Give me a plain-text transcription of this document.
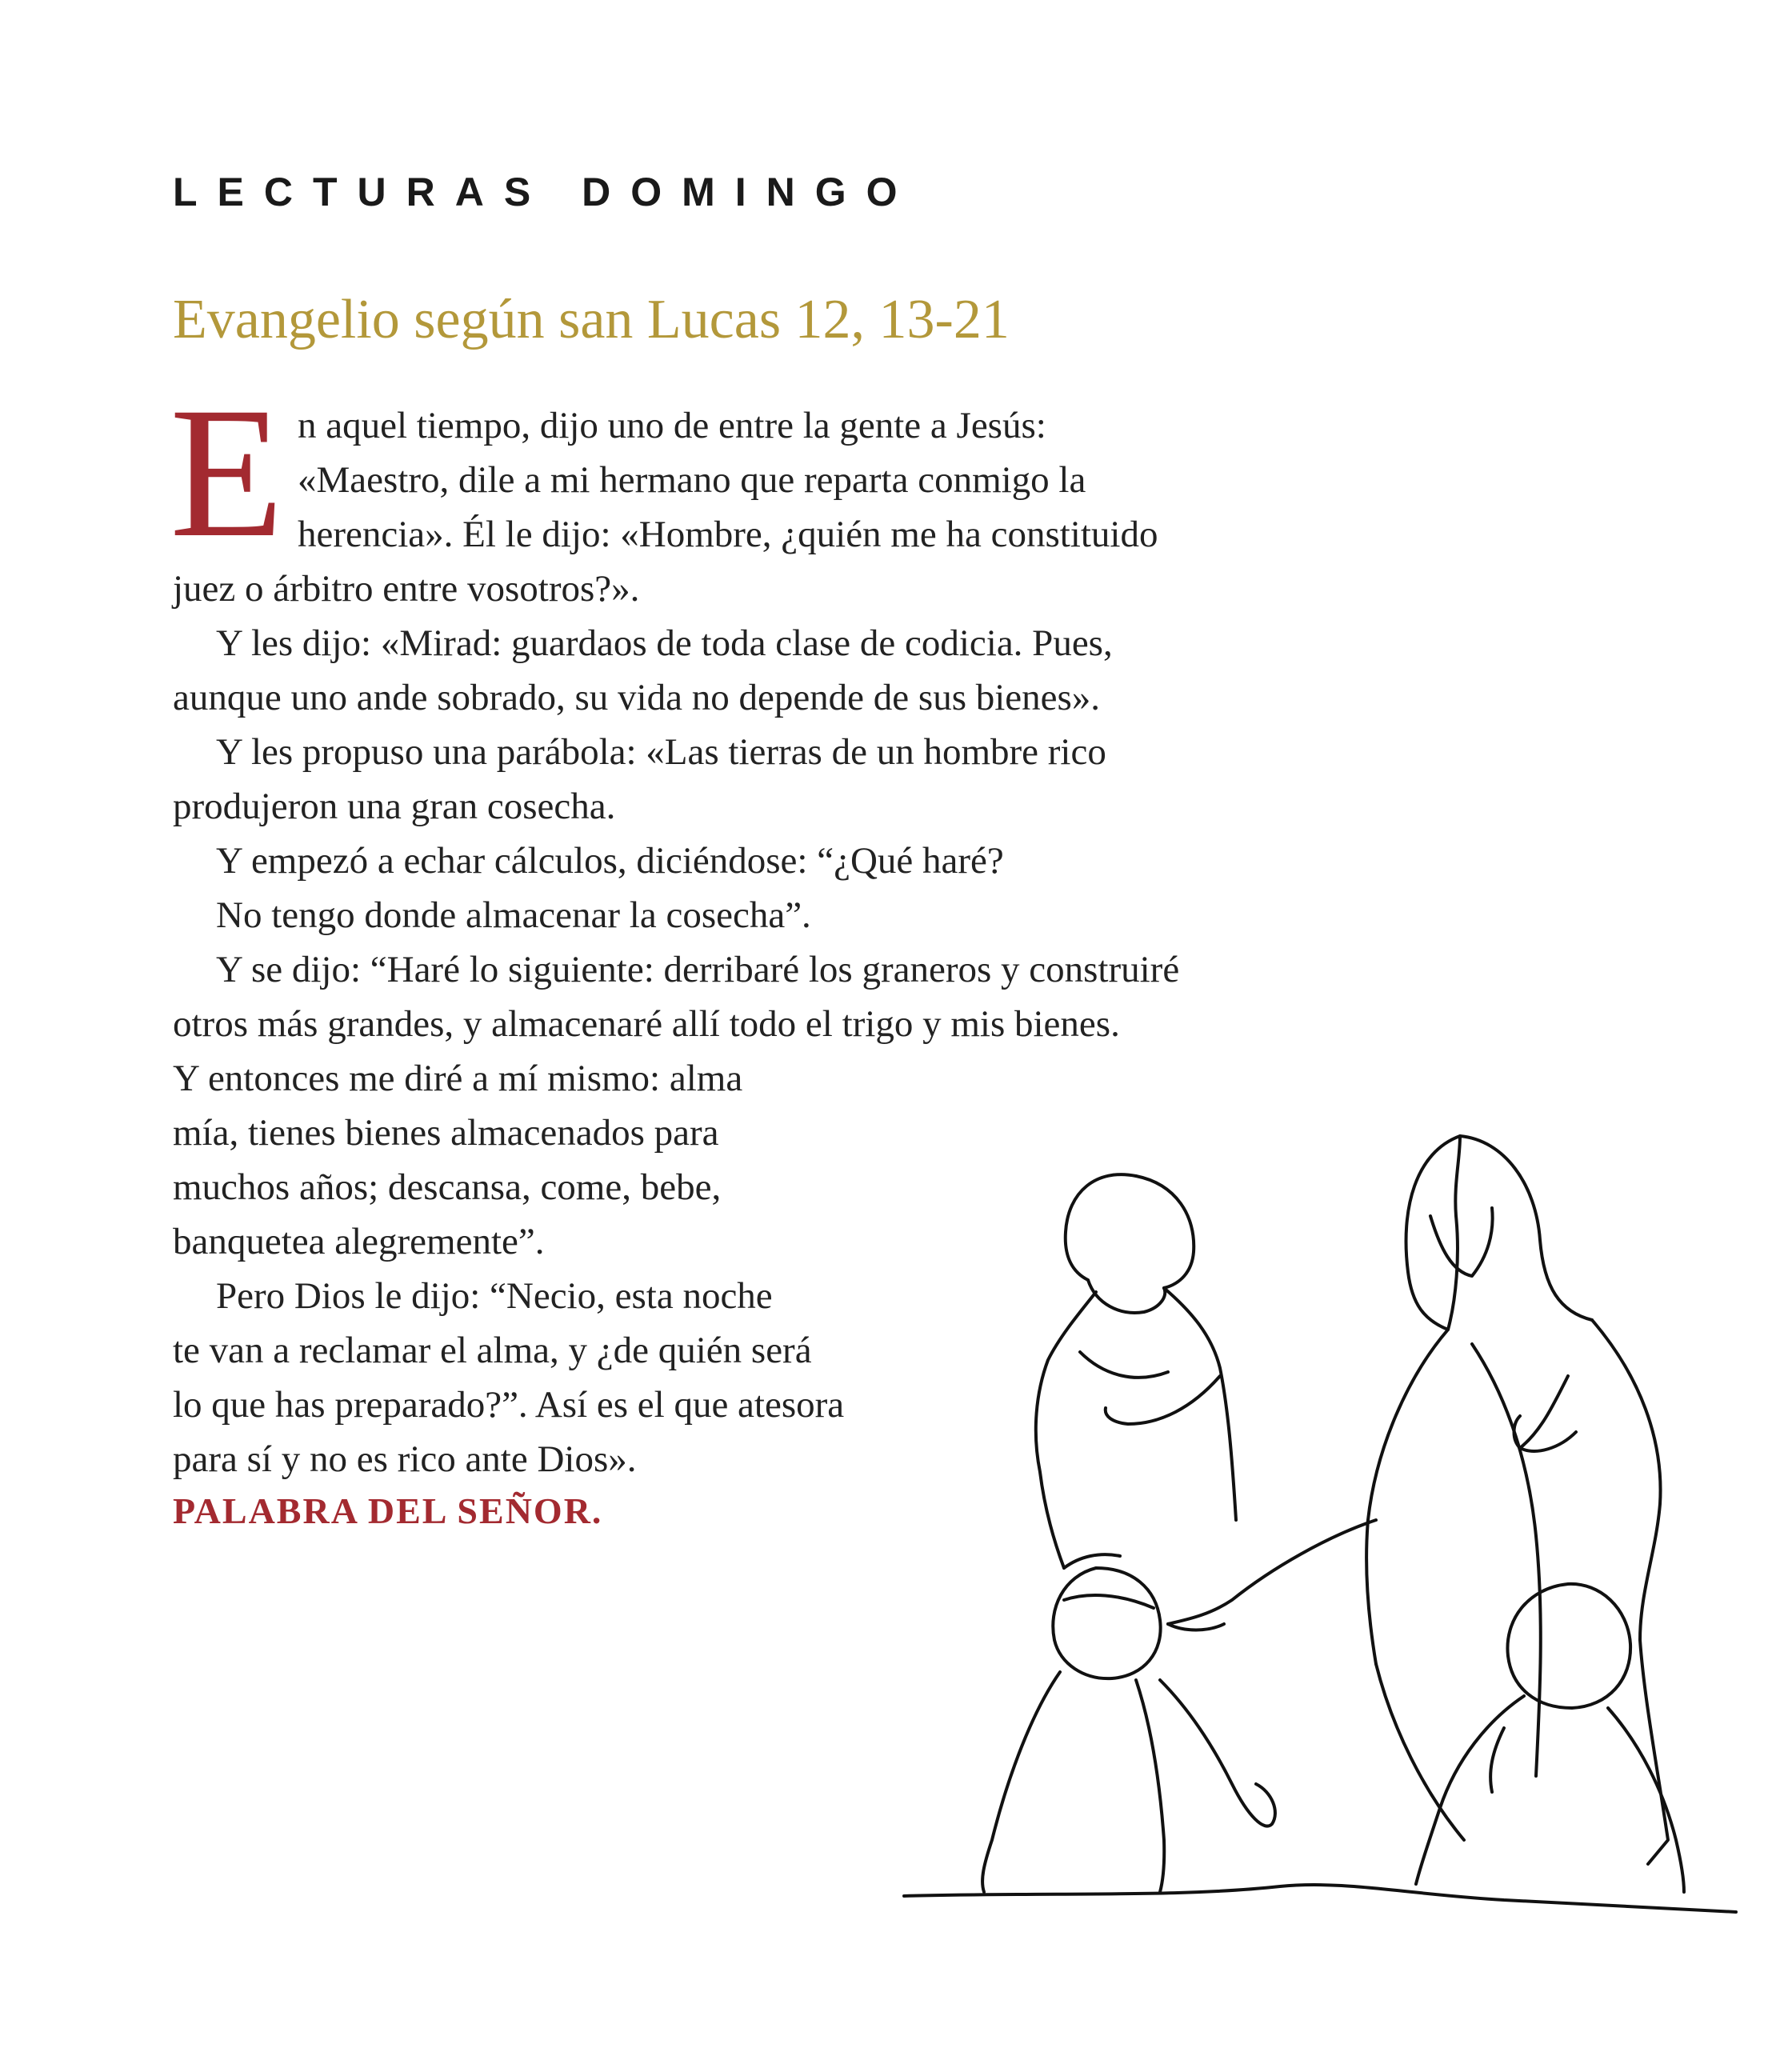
LECTURAS DOMINGO
Evangelio según san Lucas 12, 13-21
E n aquel tiempo, dijo uno de entre la gente a Jesús:
«Maestro, dile a mi hermano que reparta conmigo la
herencia». Él le dijo: «Hombre, ¿quién me ha constituido
juez o árbitro entre vosotros?».
Y les dijo: «Mirad: guardaos de toda clase de codicia. Pues,
aunque uno ande sobrado, su vida no depende de sus bienes».
Y les propuso una parábola: «Las tierras de un hombre rico
produjeron una gran cosecha.
Y empezó a echar cálculos, diciéndose: “¿Qué haré?
No tengo donde almacenar la cosecha”.
Y se dijo: “Haré lo siguiente: derribaré los graneros y construiré
otros más grandes, y almacenaré allí todo el trigo y mis bienes.
Y entonces me diré a mí mismo: alma
mía, tienes bienes almacenados para
muchos años; descansa, come, bebe,
banquetea alegremente”.
Pero Dios le dijo: “Necio, esta noche
te van a reclamar el alma, y ¿de quién será
lo que has preparado?”. Así es el que atesora
para sí y no es rico ante Dios».
PALABRA DEL SEÑOR.
